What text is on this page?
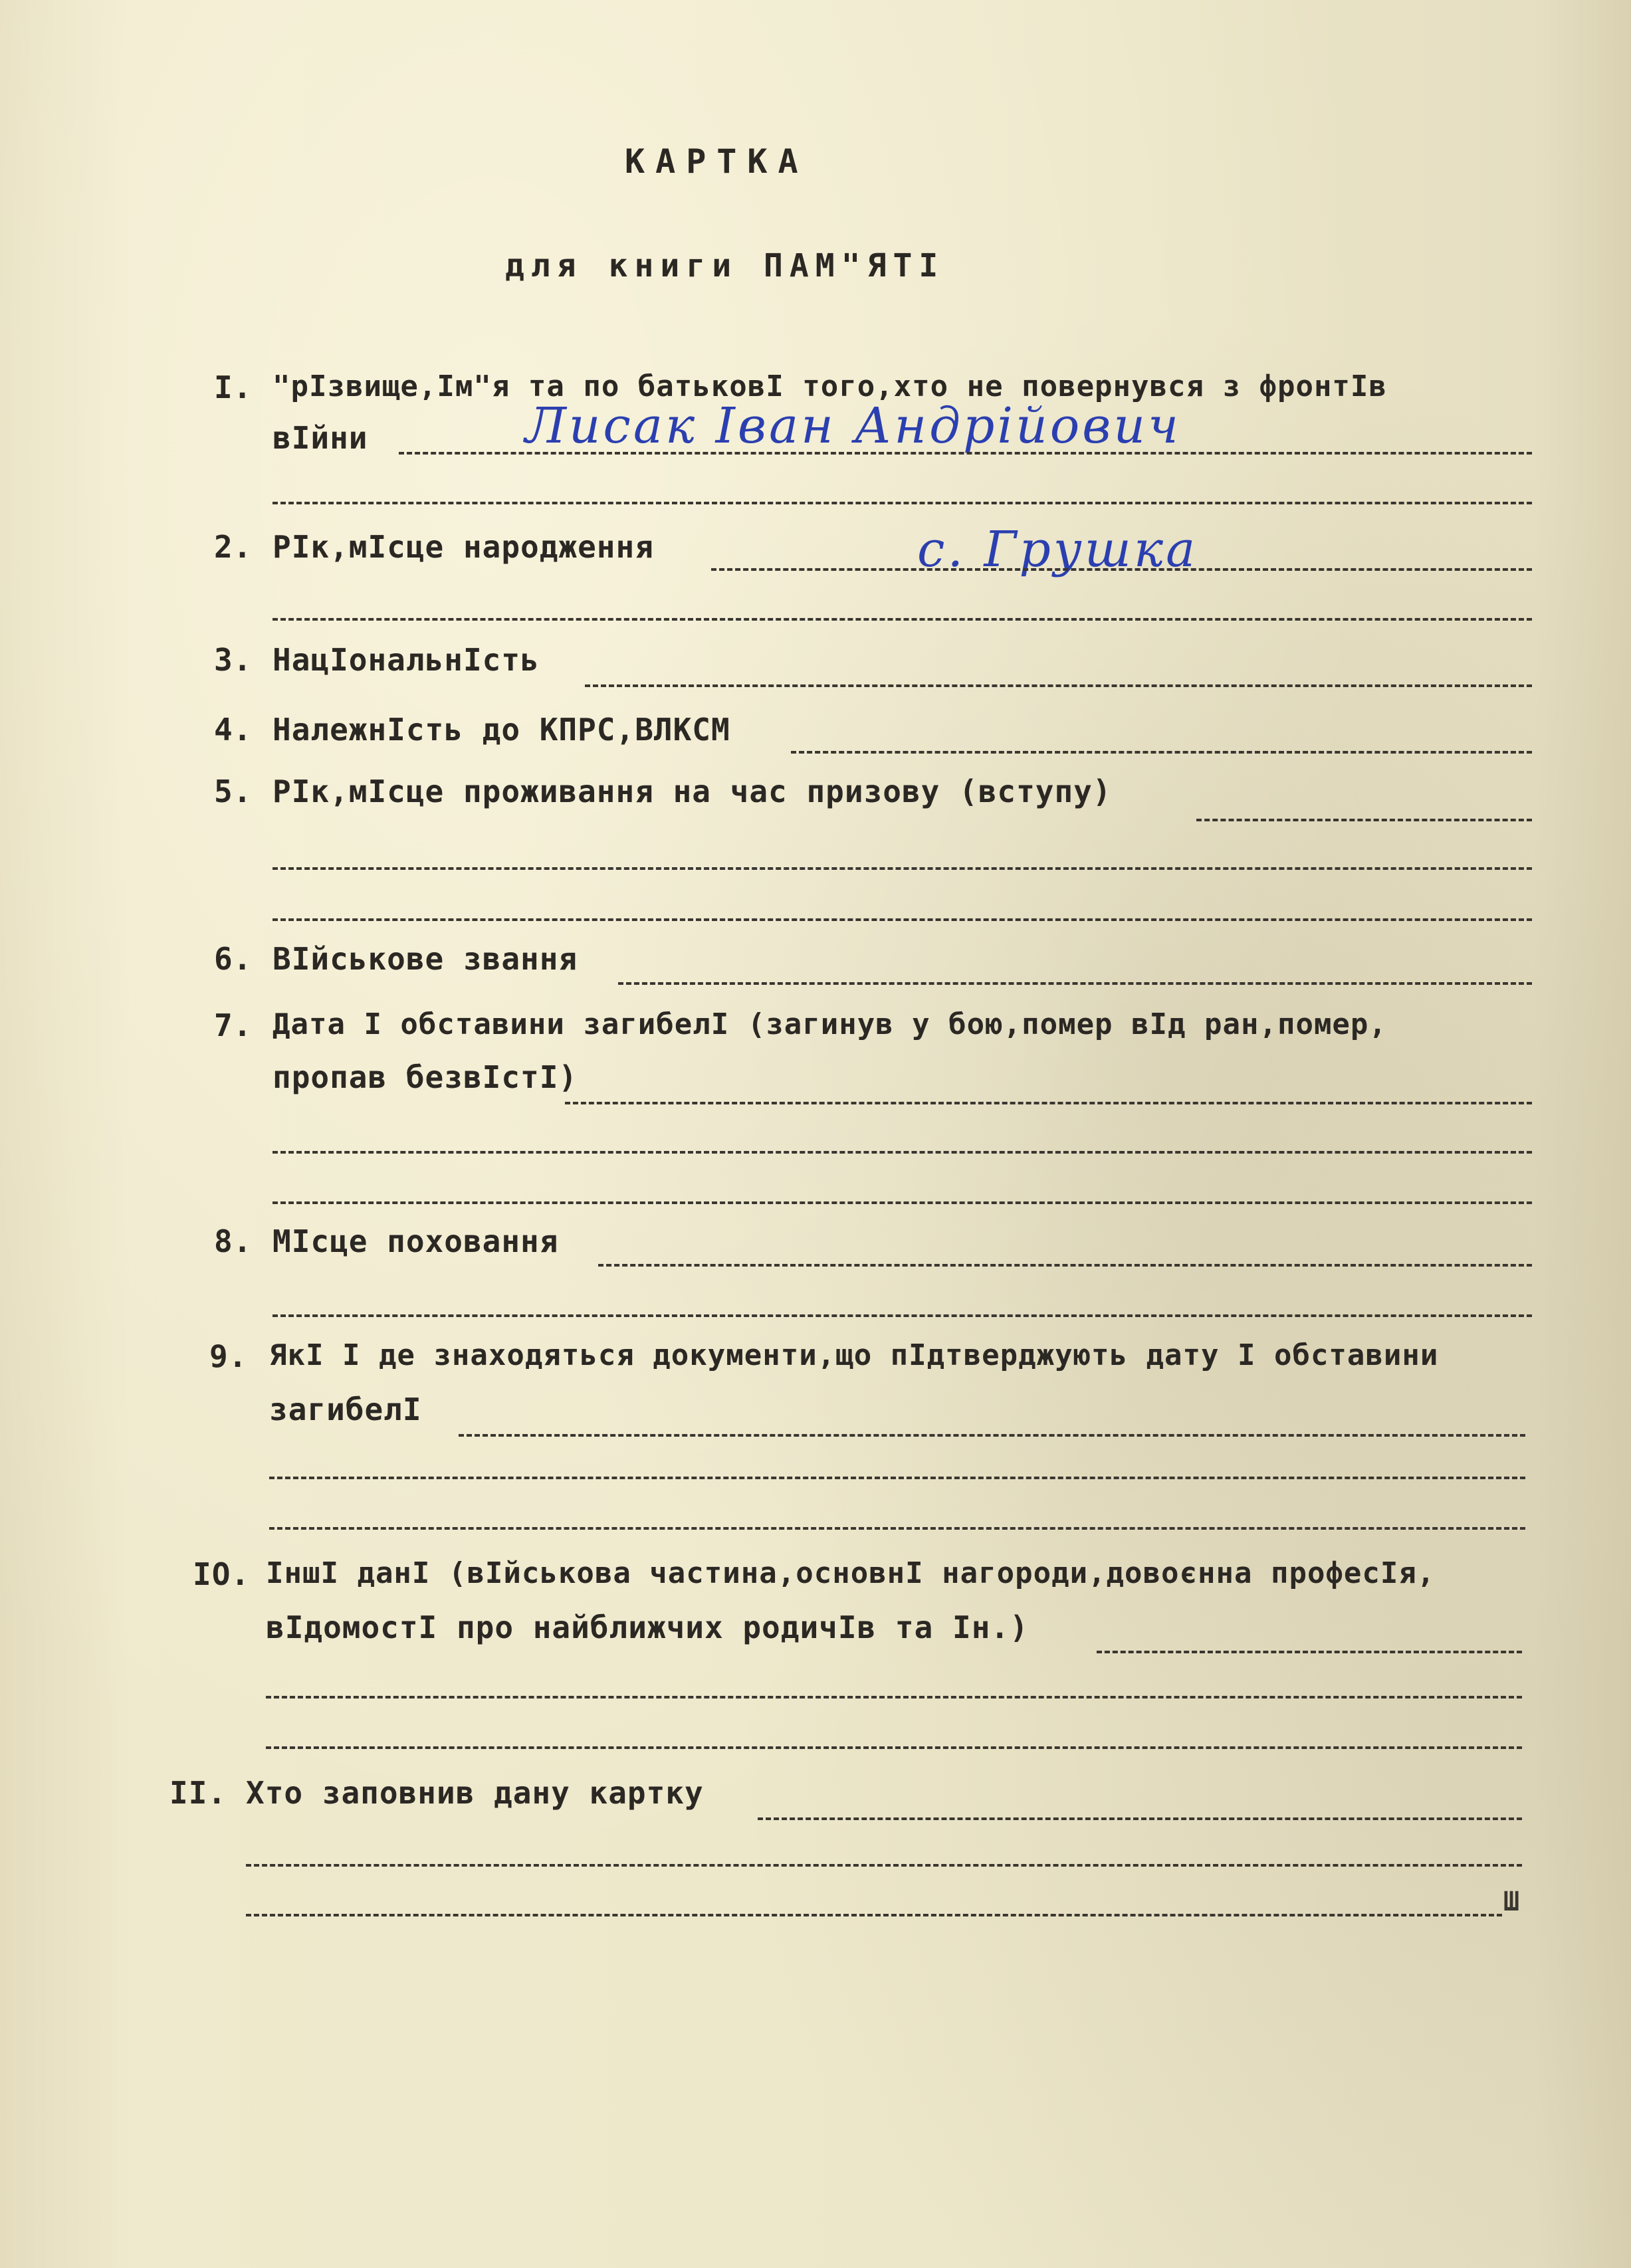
КАРТКА
для книги ПАМ"ЯТІ
I. "рІзвище,Ім"я та по батьковІ того,хто не повернувся з фронтІв
вІйни	Лисак Іван Андрійович
2. РІк,мІсце народження	с. Грушка
3. НацІональнІсть
4. НалежнІсть до КПРС,ВЛКСМ
5. РІк,мІсце проживання на час призову (вступу)
6. ВІйськове звання
7. Дата І обставини загибелІ (загинув у бою,помер вІд ран,помер,
пропав безвІстІ)
8. МІсце поховання
9. ЯкІ І де знаходяться документи,що пІдтверджують дату І обставини
загибелІ
IO. ІншІ данІ (вІйськова частина,основнІ нагороди,довоєнна професІя,
вІдомостІ про найближчих родичІв та Ін.)
II. Хто заповнив дану картку
Ш
